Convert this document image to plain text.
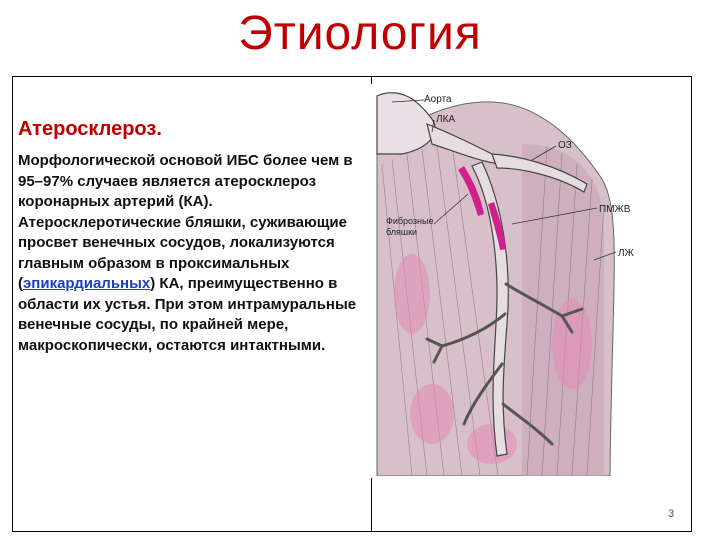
Этиология
Атеросклероз.
Морфологической основой ИБС более чем в 95–97% случаев является атеросклероз коронарных артерий (КА). Атеросклеротические бляшки, суживающие просвет венечных сосудов, локализуются главным образом в проксимальных (эпикардиальных) КА, преимущественно в области их устья. При этом интрамуральные венечные сосуды, по крайней мере, макроскопически, остаются интактными.
Аорта
ЛКА
ОЗ
ПМЖВ
Фиброзные
бляшки
ЛЖ
3
